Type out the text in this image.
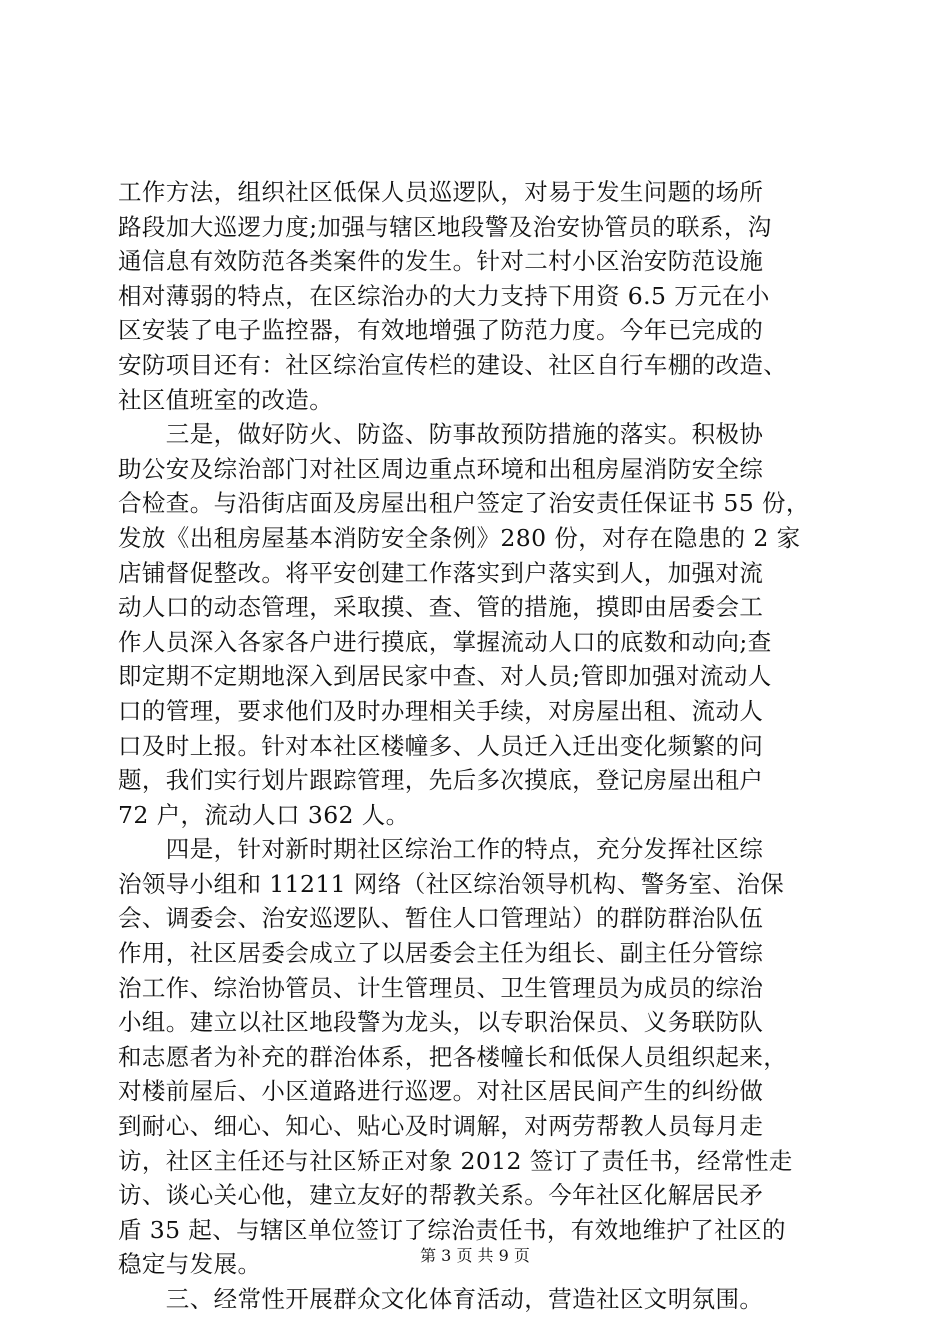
工作方法，组织社区低保人员巡逻队，对易于发生问题的场所
路段加大巡逻力度;加强与辖区地段警及治安协管员的联系，沟
通信息有效防范各类案件的发生。针对二村小区治安防范设施
相对薄弱的特点，在区综治办的大力支持下用资 6.5 万元在小
区安装了电子监控器，有效地增强了防范力度。今年已完成的
安防项目还有：社区综治宣传栏的建设、社区自行车棚的改造、
社区值班室的改造。
　　三是，做好防火、防盗、防事故预防措施的落实。积极协
助公安及综治部门对社区周边重点环境和出租房屋消防安全综
合检查。与沿街店面及房屋出租户签定了治安责任保证书 55 份，
发放《出租房屋基本消防安全条例》280 份，对存在隐患的 2 家
店铺督促整改。将平安创建工作落实到户落实到人，加强对流
动人口的动态管理，采取摸、查、管的措施，摸即由居委会工
作人员深入各家各户进行摸底，掌握流动人口的底数和动向;查
即定期不定期地深入到居民家中查、对人员;管即加强对流动人
口的管理，要求他们及时办理相关手续，对房屋出租、流动人
口及时上报。针对本社区楼幢多、人员迁入迁出变化频繁的问
题，我们实行划片跟踪管理，先后多次摸底，登记房屋出租户
72 户，流动人口 362 人。
　　四是，针对新时期社区综治工作的特点，充分发挥社区综
治领导小组和 11211 网络（社区综治领导机构、警务室、治保
会、调委会、治安巡逻队、暂住人口管理站）的群防群治队伍
作用，社区居委会成立了以居委会主任为组长、副主任分管综
治工作、综治协管员、计生管理员、卫生管理员为成员的综治
小组。建立以社区地段警为龙头，以专职治保员、义务联防队
和志愿者为补充的群治体系，把各楼幢长和低保人员组织起来，
对楼前屋后、小区道路进行巡逻。对社区居民间产生的纠纷做
到耐心、细心、知心、贴心及时调解，对两劳帮教人员每月走
访，社区主任还与社区矫正对象 2012 签订了责任书，经常性走
访、谈心关心他，建立友好的帮教关系。今年社区化解居民矛
盾 35 起、与辖区单位签订了综治责任书，有效地维护了社区的
稳定与发展。
　　三、经常性开展群众文化体育活动，营造社区文明氛围。
第 3 页 共 9 页
